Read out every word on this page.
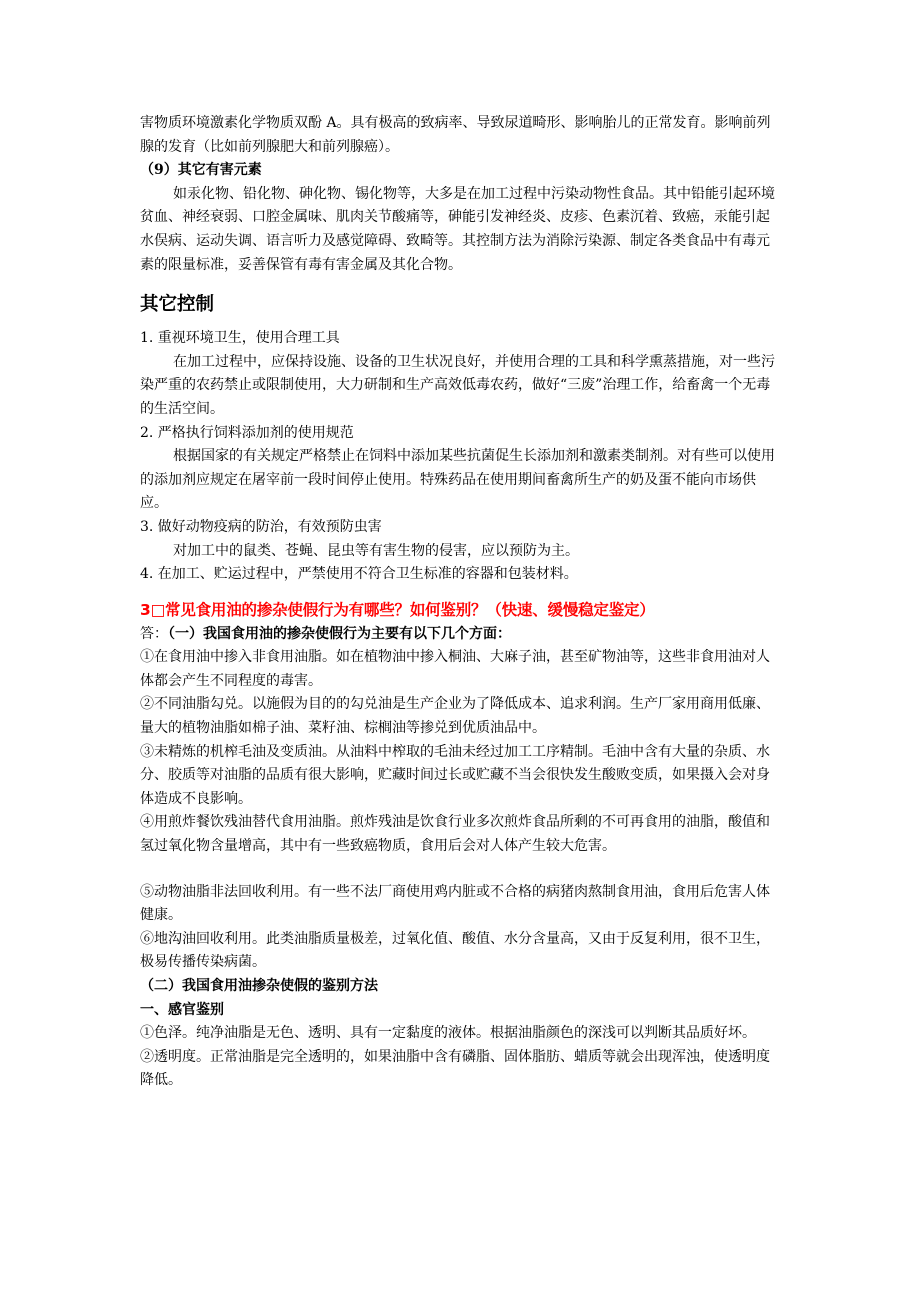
害物质环境激素化学物质双酚 A。具有极高的致病率、导致尿道畸形、影响胎儿的正常发育。影响前列腺的发育（比如前列腺肥大和前列腺癌）。

（9）其它有害元素

如汞化物、铅化物、砷化物、锡化物等，大多是在加工过程中污染动物性食品。其中铅能引起环境贫血、神经衰弱、口腔金属味、肌肉关节酸痛等，砷能引发神经炎、皮疹、色素沉着、致癌，汞能引起水俣病、运动失调、语言听力及感觉障碍、致畸等。其控制方法为消除污染源、制定各类食品中有毒元素的限量标准，妥善保管有毒有害金属及其化合物。

其它控制

1. 重视环境卫生，使用合理工具

在加工过程中，应保持设施、设备的卫生状况良好，并使用合理的工具和科学熏蒸措施，对一些污染严重的农药禁止或限制使用，大力研制和生产高效低毒农药，做好“三废”治理工作，给畜禽一个无毒的生活空间。

2. 严格执行饲料添加剂的使用规范

根据国家的有关规定严格禁止在饲料中添加某些抗菌促生长添加剂和激素类制剂。对有些可以使用的添加剂应规定在屠宰前一段时间停止使用。特殊药品在使用期间畜禽所生产的奶及蛋不能向市场供应。

3. 做好动物疫病的防治，有效预防虫害

对加工中的鼠类、苍蝇、昆虫等有害生物的侵害，应以预防为主。

4. 在加工、贮运过程中，严禁使用不符合卫生标准的容器和包装材料。

3□常见食用油的掺杂使假行为有哪些？如何鉴别？（快速、缓慢稳定鉴定）

答：（一）我国食用油的掺杂使假行为主要有以下几个方面：

①在食用油中掺入非食用油脂。如在植物油中掺入桐油、大麻子油，甚至矿物油等，这些非食用油对人体都会产生不同程度的毒害。

②不同油脂勾兑。以施假为目的的勾兑油是生产企业为了降低成本、追求利润。生产厂家用商用低廉、量大的植物油脂如棉子油、菜籽油、棕榈油等掺兑到优质油品中。

③未精炼的机榨毛油及变质油。从油料中榨取的毛油未经过加工工序精制。毛油中含有大量的杂质、水分、胶质等对油脂的品质有很大影响，贮藏时间过长或贮藏不当会很快发生酸败变质，如果摄入会对身体造成不良影响。

④用煎炸餐饮残油替代食用油脂。煎炸残油是饮食行业多次煎炸食品所剩的不可再食用的油脂，酸值和氢过氧化物含量增高，其中有一些致癌物质，食用后会对人体产生较大危害。

⑤动物油脂非法回收利用。有一些不法厂商使用鸡内脏或不合格的病猪肉熬制食用油，食用后危害人体健康。

⑥地沟油回收利用。此类油脂质量极差，过氧化值、酸值、水分含量高，又由于反复利用，很不卫生，极易传播传染病菌。

（二）我国食用油掺杂使假的鉴别方法

一、感官鉴别

①色泽。纯净油脂是无色、透明、具有一定黏度的液体。根据油脂颜色的深浅可以判断其品质好坏。

②透明度。正常油脂是完全透明的，如果油脂中含有磷脂、固体脂肪、蜡质等就会出现浑浊，使透明度降低。
